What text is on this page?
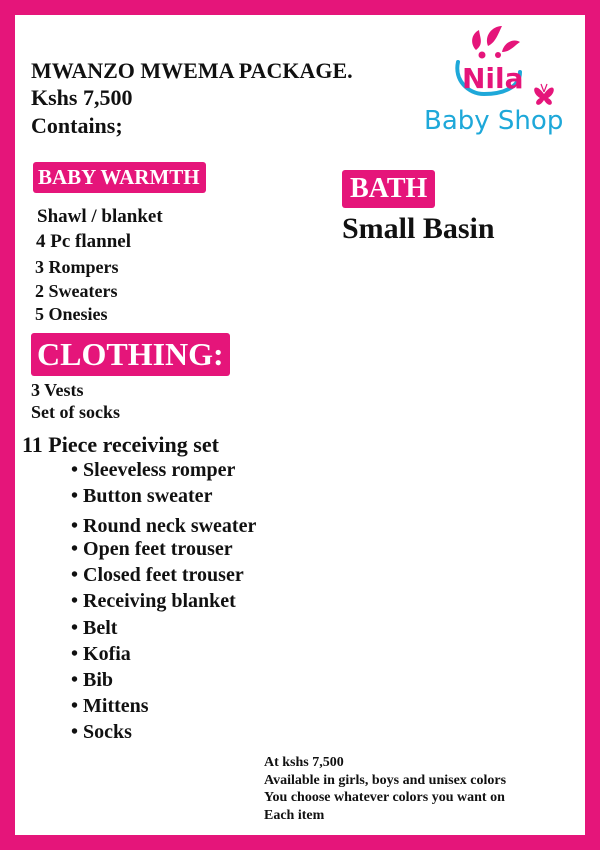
MWANZO MWEMA PACKAGE.
Kshs 7,500
Contains;
Nila
Baby Shop
BABY WARMTH
Shawl / blanket
4 Pc flannel
3 Rompers
2 Sweaters
5 Onesies
BATH
Small Basin
CLOTHING:
3 Vests
Set of socks
11 Piece receiving set
• Sleeveless romper
• Button sweater
• Round neck sweater
• Open feet trouser
• Closed feet trouser
• Receiving blanket
• Belt
• Kofia
• Bib
• Mittens
• Socks
At kshs 7,500
Available in girls, boys and unisex colors
You choose whatever colors you want on
Each item
